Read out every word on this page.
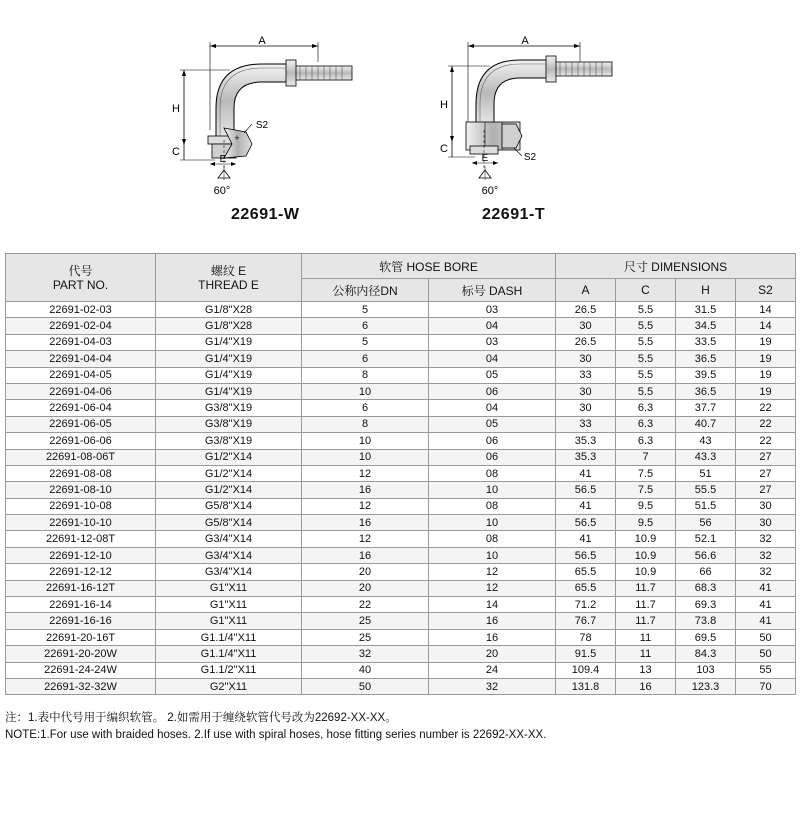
A
H
C
+
S2
E
60°
A
H
C
S2
E
60°
22691-W	22691-T
代号
PART NO.	螺纹 E
THREAD E	软管 HOSE BORE		尺寸 DIMENSIONS			
		公称内径DN	标号 DASH	A	C	H	S2
22691-02-03	G1/8"X28	5	03	26.5	5.5	31.5	14
22691-02-04	G1/8"X28	6	04	30	5.5	34.5	14
22691-04-03	G1/4"X19	5	03	26.5	5.5	33.5	19
22691-04-04	G1/4"X19	6	04	30	5.5	36.5	19
22691-04-05	G1/4"X19	8	05	33	5.5	39.5	19
22691-04-06	G1/4"X19	10	06	30	5.5	36.5	19
22691-06-04	G3/8"X19	6	04	30	6.3	37.7	22
22691-06-05	G3/8"X19	8	05	33	6.3	40.7	22
22691-06-06	G3/8"X19	10	06	35.3	6.3	43	22
22691-08-06T	G1/2"X14	10	06	35.3	7	43.3	27
22691-08-08	G1/2"X14	12	08	41	7.5	51	27
22691-08-10	G1/2"X14	16	10	56.5	7.5	55.5	27
22691-10-08	G5/8"X14	12	08	41	9.5	51.5	30
22691-10-10	G5/8"X14	16	10	56.5	9.5	56	30
22691-12-08T	G3/4"X14	12	08	41	10.9	52.1	32
22691-12-10	G3/4"X14	16	10	56.5	10.9	56.6	32
22691-12-12	G3/4"X14	20	12	65.5	10.9	66	32
22691-16-12T	G1"X11	20	12	65.5	11.7	68.3	41
22691-16-14	G1"X11	22	14	71.2	11.7	69.3	41
22691-16-16	G1"X11	25	16	76.7	11.7	73.8	41
22691-20-16T	G1.1/4"X11	25	16	78	11	69.5	50
22691-20-20W	G1.1/4"X11	32	20	91.5	11	84.3	50
22691-24-24W	G1.1/2"X11	40	24	109.4	13	103	55
22691-32-32W	G2"X11	50	32	131.8	16	123.3	70
注：1.表中代号用于编织软管。 2.如需用于缠绕软管代号改为22692-XX-XX。
NOTE:1.For use with braided hoses. 2.If use with spiral hoses, hose fitting series number is 22692-XX-XX.
